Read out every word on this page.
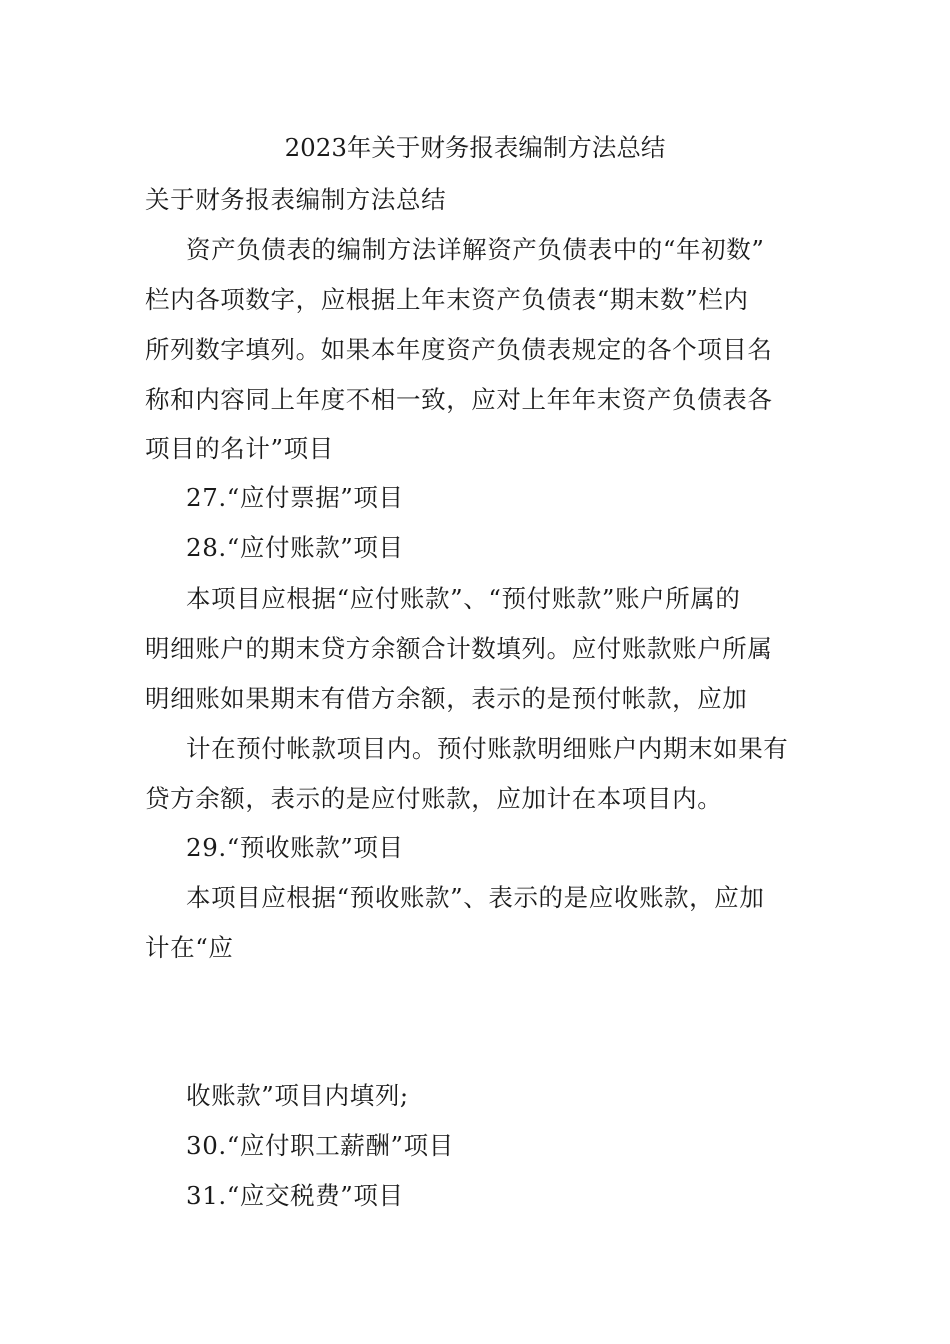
2023年关于财务报表编制方法总结
关于财务报表编制方法总结
资产负债表的编制方法详解资产负债表中的“年初数”
栏内各项数字，应根据上年末资产负债表“期末数”栏内
所列数字填列。如果本年度资产负债表规定的各个项目名
称和内容同上年度不相一致，应对上年年末资产负债表各
项目的名计”项目
27.“应付票据”项目
28.“应付账款”项目
本项目应根据“应付账款”、“预付账款”账户所属的
明细账户的期末贷方余额合计数填列。应付账款账户所属
明细账如果期末有借方余额，表示的是预付帐款，应加
计在预付帐款项目内。预付账款明细账户内期末如果有
贷方余额，表示的是应付账款，应加计在本项目内。
29.“预收账款”项目
本项目应根据“预收账款”、表示的是应收账款，应加
计在“应
收账款”项目内填列;
30.“应付职工薪酬”项目
31.“应交税费”项目
